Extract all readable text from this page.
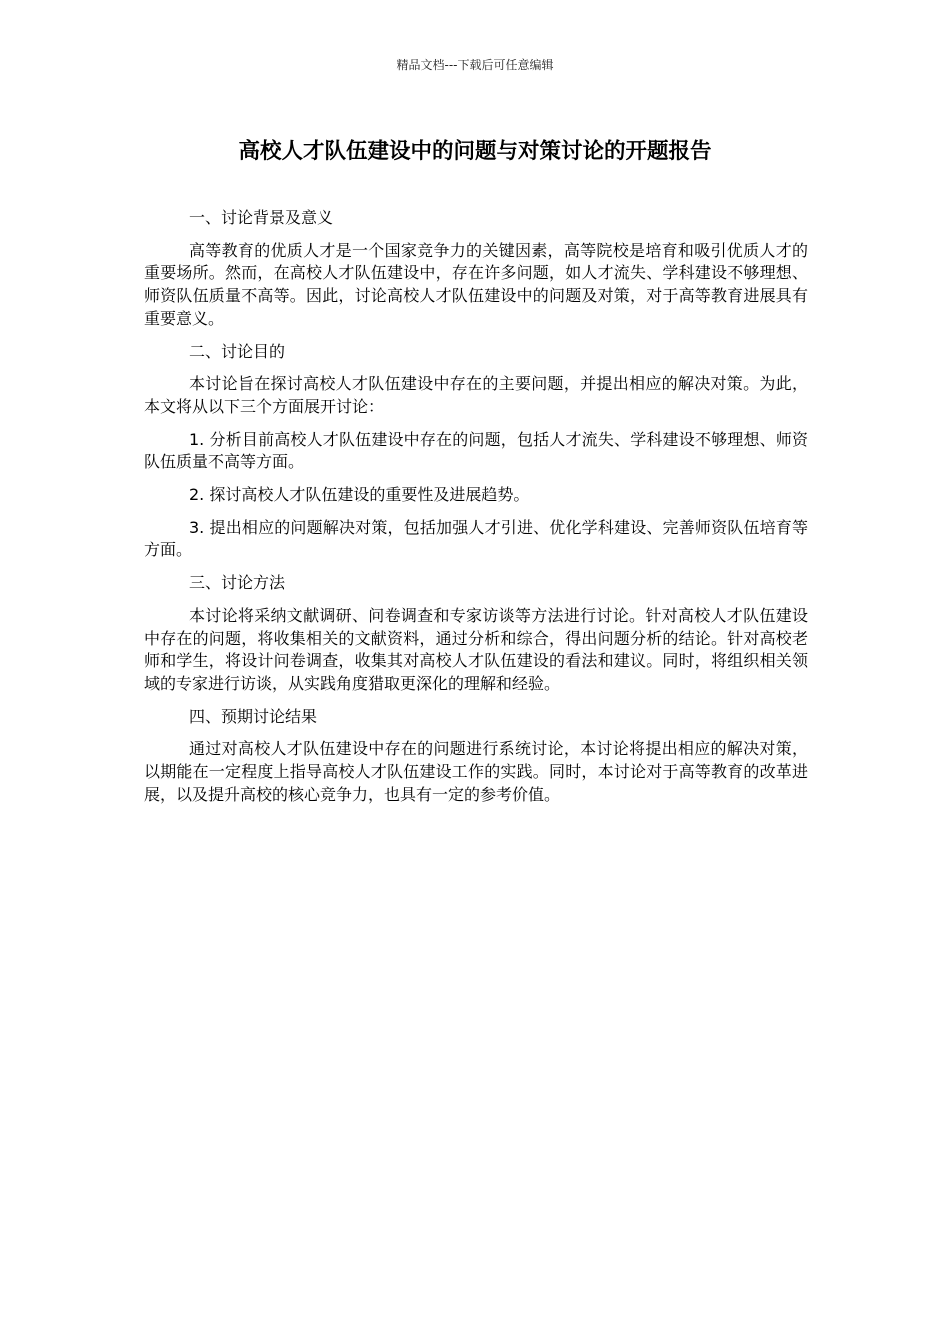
精品文档---下载后可任意编辑
高校人才队伍建设中的问题与对策讨论的开题报告

一、讨论背景及意义

高等教育的优质人才是一个国家竞争力的关键因素，高等院校是培育和吸引优质人才的重要场所。然而，在高校人才队伍建设中，存在许多问题，如人才流失、学科建设不够理想、师资队伍质量不高等。因此，讨论高校人才队伍建设中的问题及对策，对于高等教育进展具有重要意义。

二、讨论目的

本讨论旨在探讨高校人才队伍建设中存在的主要问题，并提出相应的解决对策。为此，本文将从以下三个方面展开讨论：

1. 分析目前高校人才队伍建设中存在的问题，包括人才流失、学科建设不够理想、师资队伍质量不高等方面。

2. 探讨高校人才队伍建设的重要性及进展趋势。

3. 提出相应的问题解决对策，包括加强人才引进、优化学科建设、完善师资队伍培育等方面。

三、讨论方法

本讨论将采纳文献调研、问卷调查和专家访谈等方法进行讨论。针对高校人才队伍建设中存在的问题，将收集相关的文献资料，通过分析和综合，得出问题分析的结论。针对高校老师和学生，将设计问卷调查，收集其对高校人才队伍建设的看法和建议。同时，将组织相关领域的专家进行访谈，从实践角度猎取更深化的理解和经验。

四、预期讨论结果

通过对高校人才队伍建设中存在的问题进行系统讨论，本讨论将提出相应的解决对策，以期能在一定程度上指导高校人才队伍建设工作的实践。同时，本讨论对于高等教育的改革进展，以及提升高校的核心竞争力，也具有一定的参考价值。
